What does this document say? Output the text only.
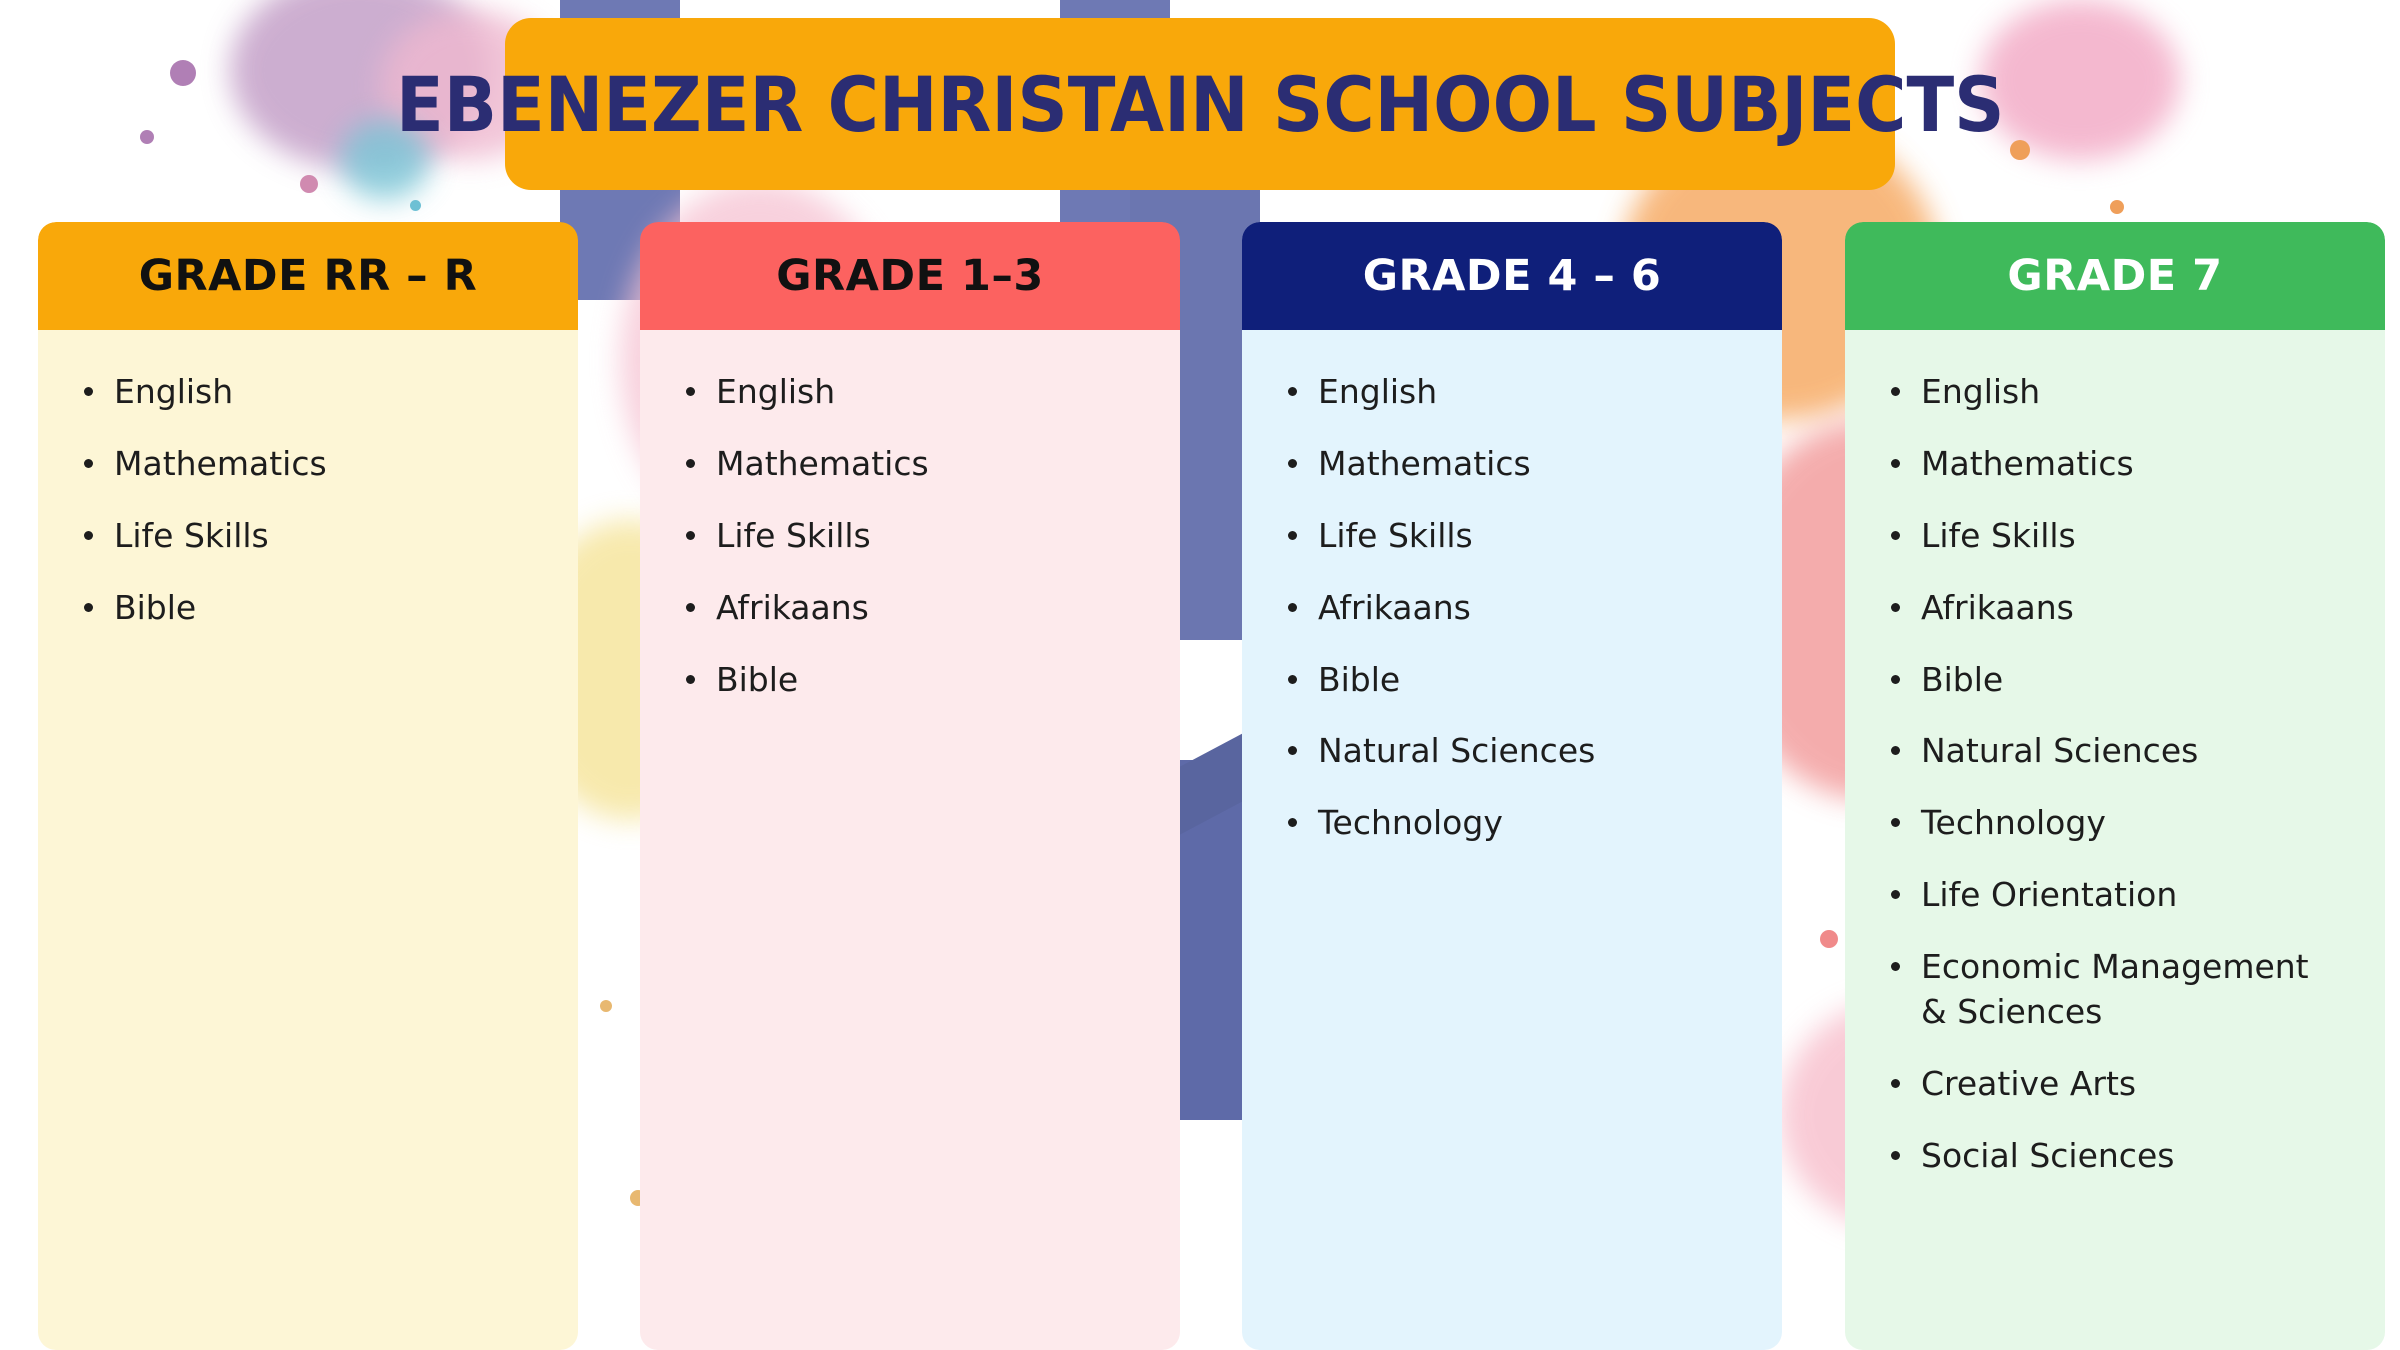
EBENEZER CHRISTAIN SCHOOL SUBJECTS
GRADE RR – R
English
Mathematics
Life Skills
Bible
GRADE 1–3
English
Mathematics
Life Skills
Afrikaans
Bible
GRADE 4 – 6
English
Mathematics
Life Skills
Afrikaans
Bible
Natural Sciences
Technology
GRADE 7
English
Mathematics
Life Skills
Afrikaans
Bible
Natural Sciences
Technology
Life Orientation
Economic Management & Sciences
Creative Arts
Social Sciences
